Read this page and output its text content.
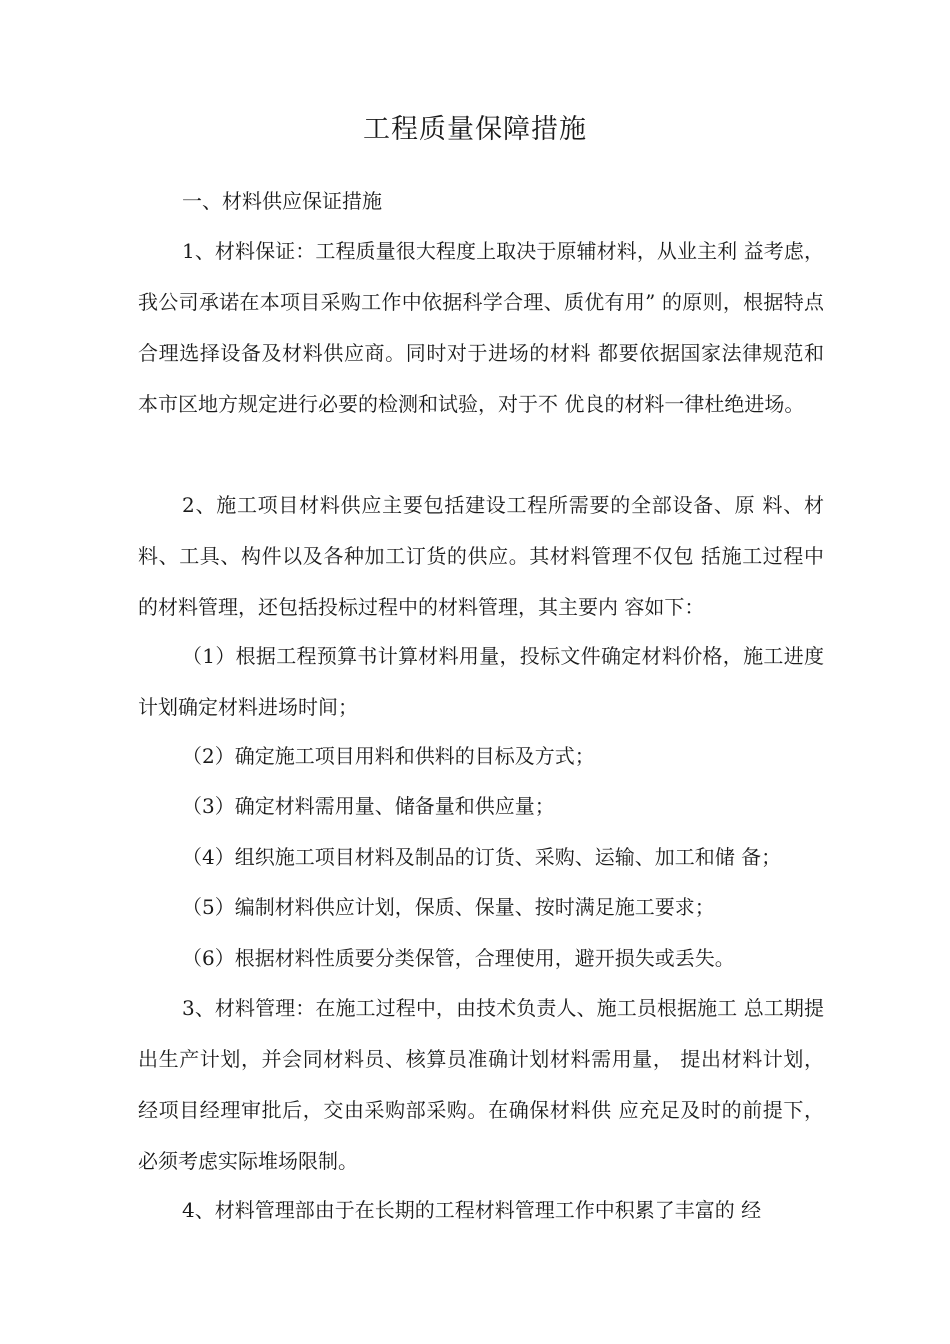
工程质量保障措施

一、材料供应保证措施

1、材料保证：工程质量很大程度上取决于原辅材料，从业主利 益考虑，我公司承诺在本项目采购工作中依据科学合理、质优有用” 的原则，根据特点合理选择设备及材料供应商。同时对于进场的材料 都要依据国家法律规范和本市区地方规定进行必要的检测和试验，对于不 优良的材料一律杜绝进场。

2、施工项目材料供应主要包括建设工程所需要的全部设备、原 料、材料、工具、构件以及各种加工订货的供应。其材料管理不仅包 括施工过程中的材料管理，还包括投标过程中的材料管理，其主要内 容如下：

（1）根据工程预算书计算材料用量，投标文件确定材料价格，施工进度计划确定材料进场时间；

（2）确定施工项目用料和供料的目标及方式；

（3）确定材料需用量、储备量和供应量；

（4）组织施工项目材料及制品的订货、采购、运输、加工和储 备；

（5）编制材料供应计划，保质、保量、按时满足施工要求；

（6）根据材料性质要分类保管，合理使用，避开损失或丢失。

3、材料管理：在施工过程中，由技术负责人、施工员根据施工 总工期提出生产计划，并会同材料员、核算员准确计划材料需用量， 提出材料计划，经项目经理审批后，交由采购部采购。在确保材料供 应充足及时的前提下，必须考虑实际堆场限制。

4、材料管理部由于在长期的工程材料管理工作中积累了丰富的 经
